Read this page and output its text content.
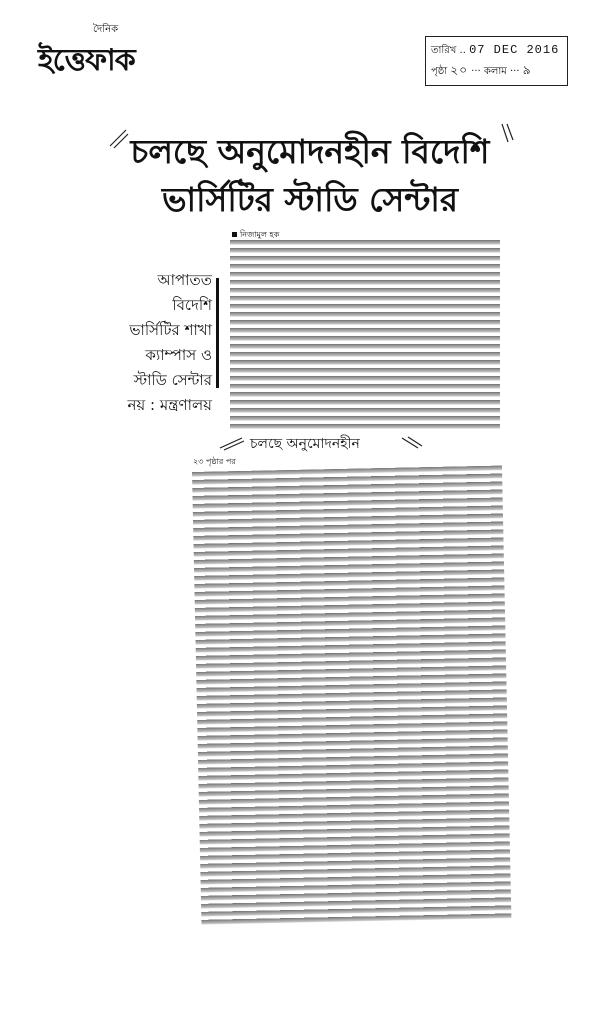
দৈনিক
ইত্তেফাক	তারিখ .. 07 DEC 2016
পৃষ্ঠা ২০ ··· কলাম ··· ৯
চলছে অনুমোদনহীন বিদেশি
ভার্সিটির স্টাডি সেন্টার
নিজামুল হক
আপাতত
বিদেশি
ভার্সিটির শাখা
ক্যাম্পাস ও
স্টাডি সেন্টার
নয় : মন্ত্রণালয়
চলছে অনুমোদনহীন
২৩ পৃষ্ঠার পর
